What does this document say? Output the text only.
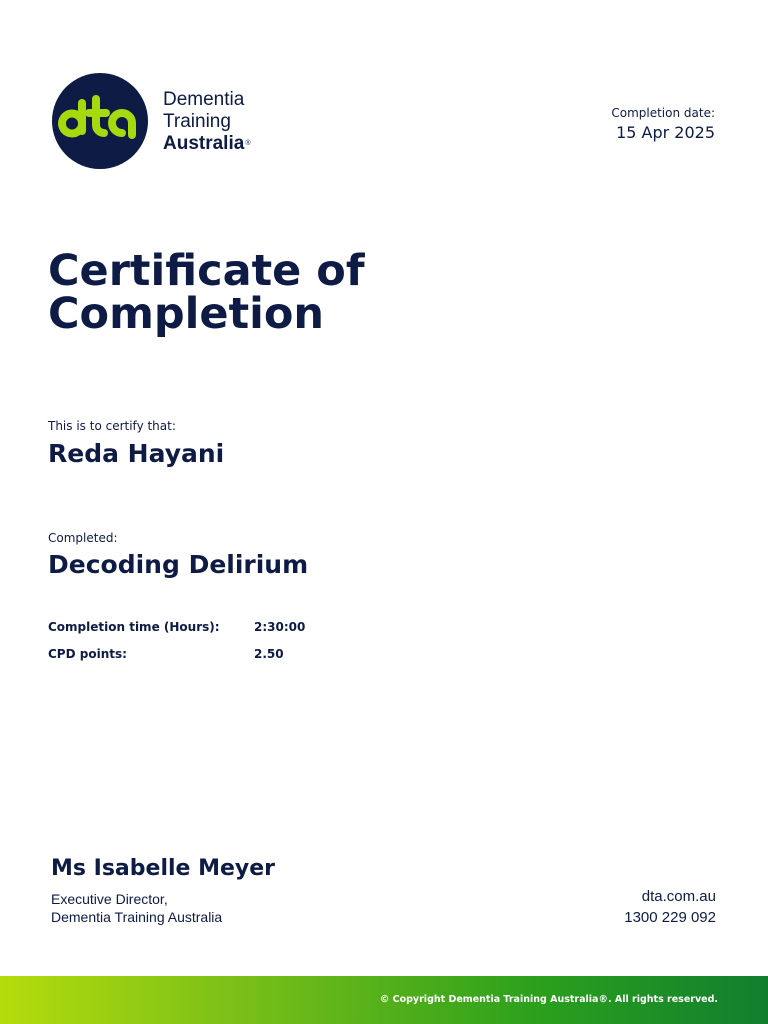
Dementia
Training
Australia®
Completion date:
15 Apr 2025
Certificate of
Completion
This is to certify that:
Reda Hayani
Completed:
Decoding Delirium
Completion time (Hours):	2:30:00
CPD points:	2.50
Ms Isabelle Meyer
Executive Director,
Dementia Training Australia
dta.com.au
1300 229 092
© Copyright Dementia Training Australia®. All rights reserved.
